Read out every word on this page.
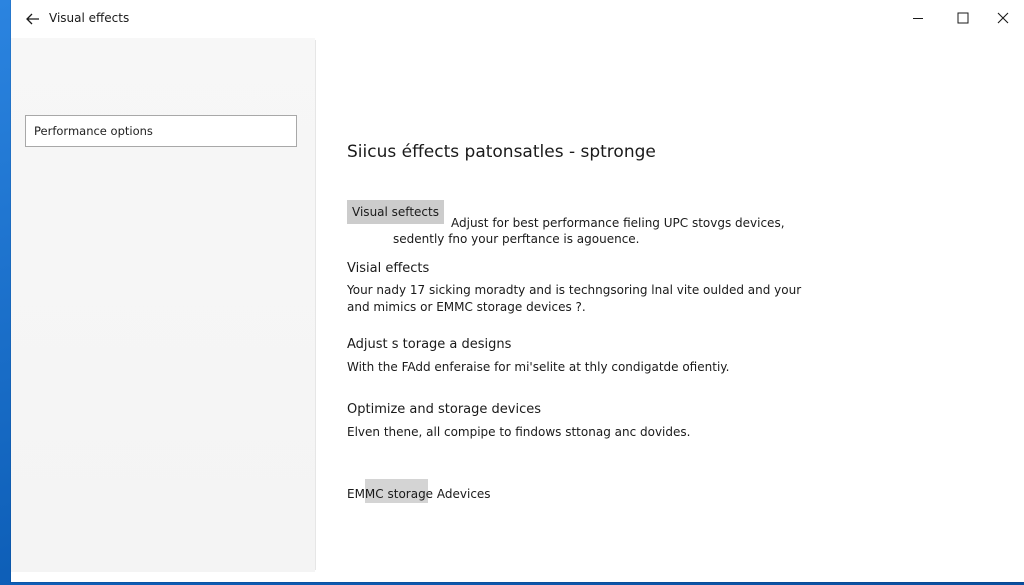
Visual effects
Performance options
Siicus éffects patonsatles - sptronge
Visual seftects
Adjust for best performance fieling UPC stovgs devices,
sedently fno your perftance is agouence.
Visial effects
Your nady 17 sicking moradty and is techngsoring lnal vite oulded and your
and mimics or EMMC storage devices ?.
Adjust s torage a designs
With the FAdd enferaise for mi'selite at thly condigatde ofientiy.
Optimize and storage devices
Elven thene, all compipe to findows sttonag anc dovides.
EMMC storage Adevices
